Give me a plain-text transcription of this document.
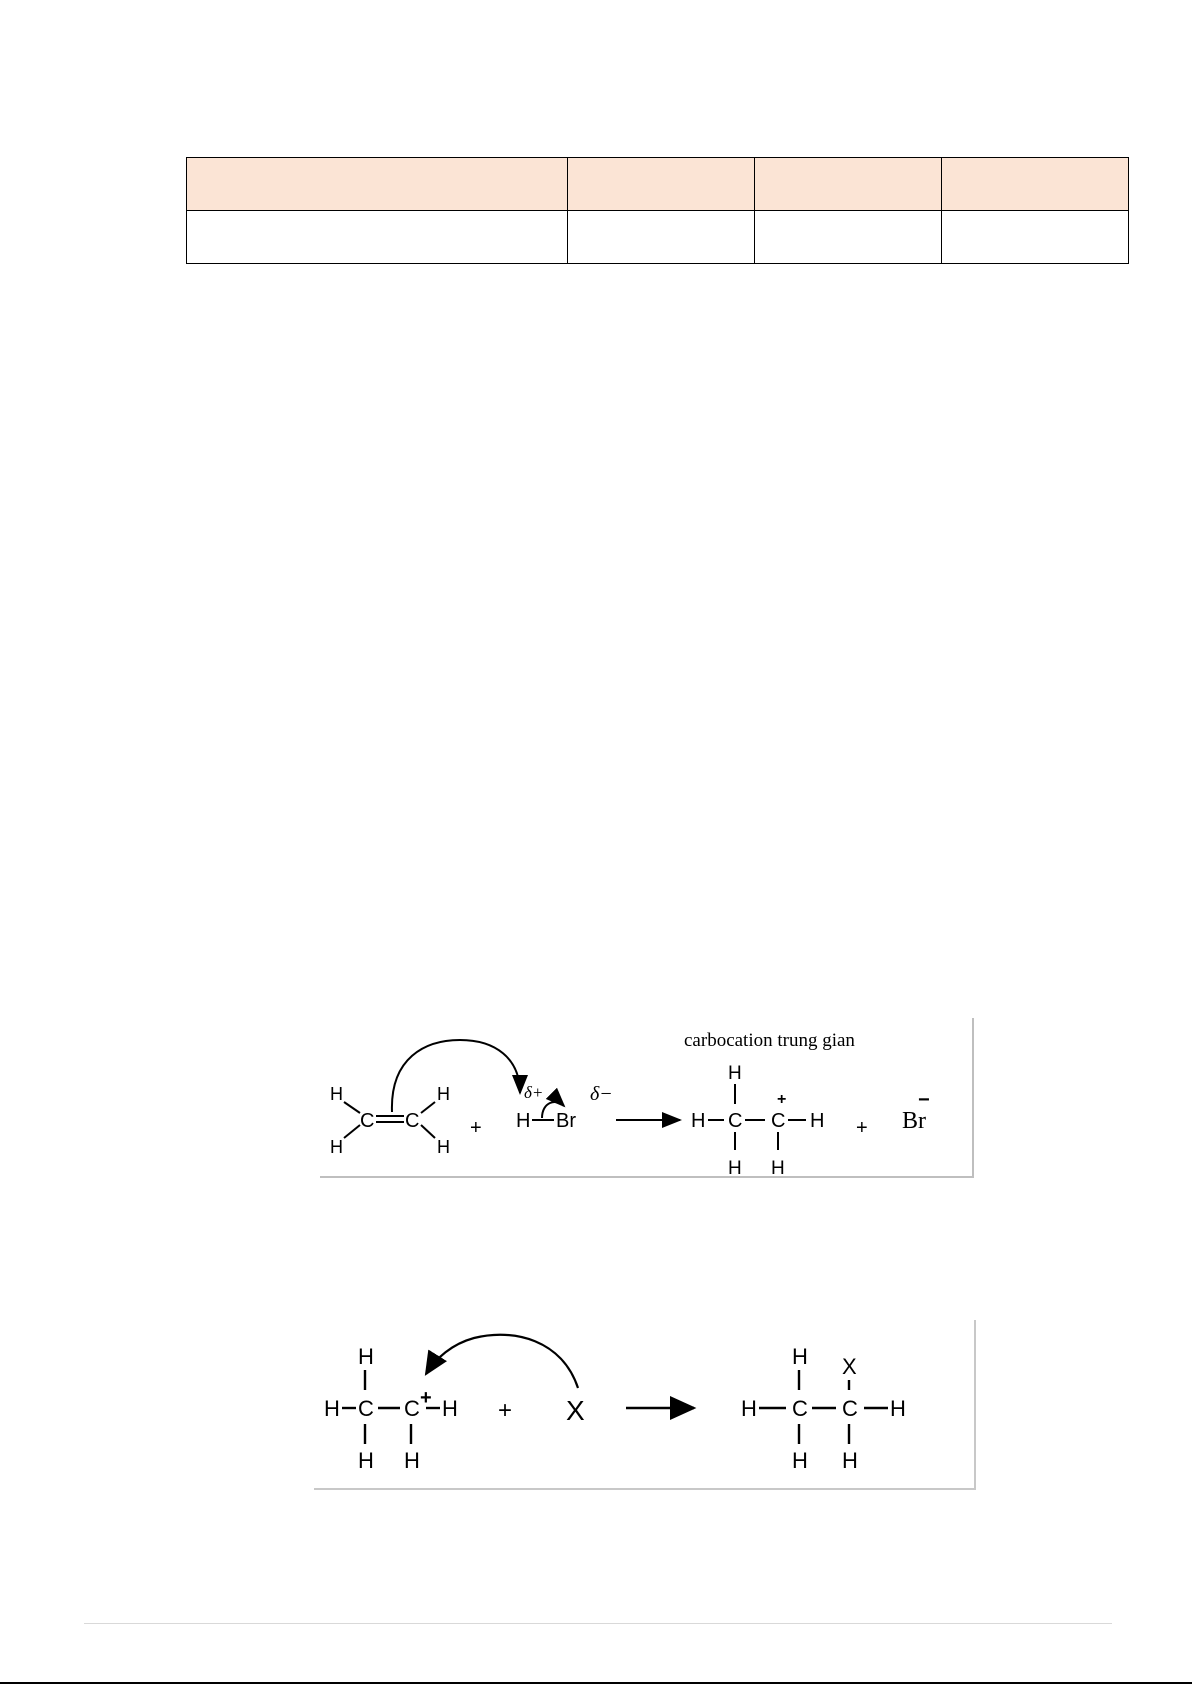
carbocation trung gian
H
H
C C
H
H
+
δ+ δ−
H Br	H C C
+
H
H
H H
+ Br
−
H
H C C + H
H H
+ X
H
H C C
X
H
H H
